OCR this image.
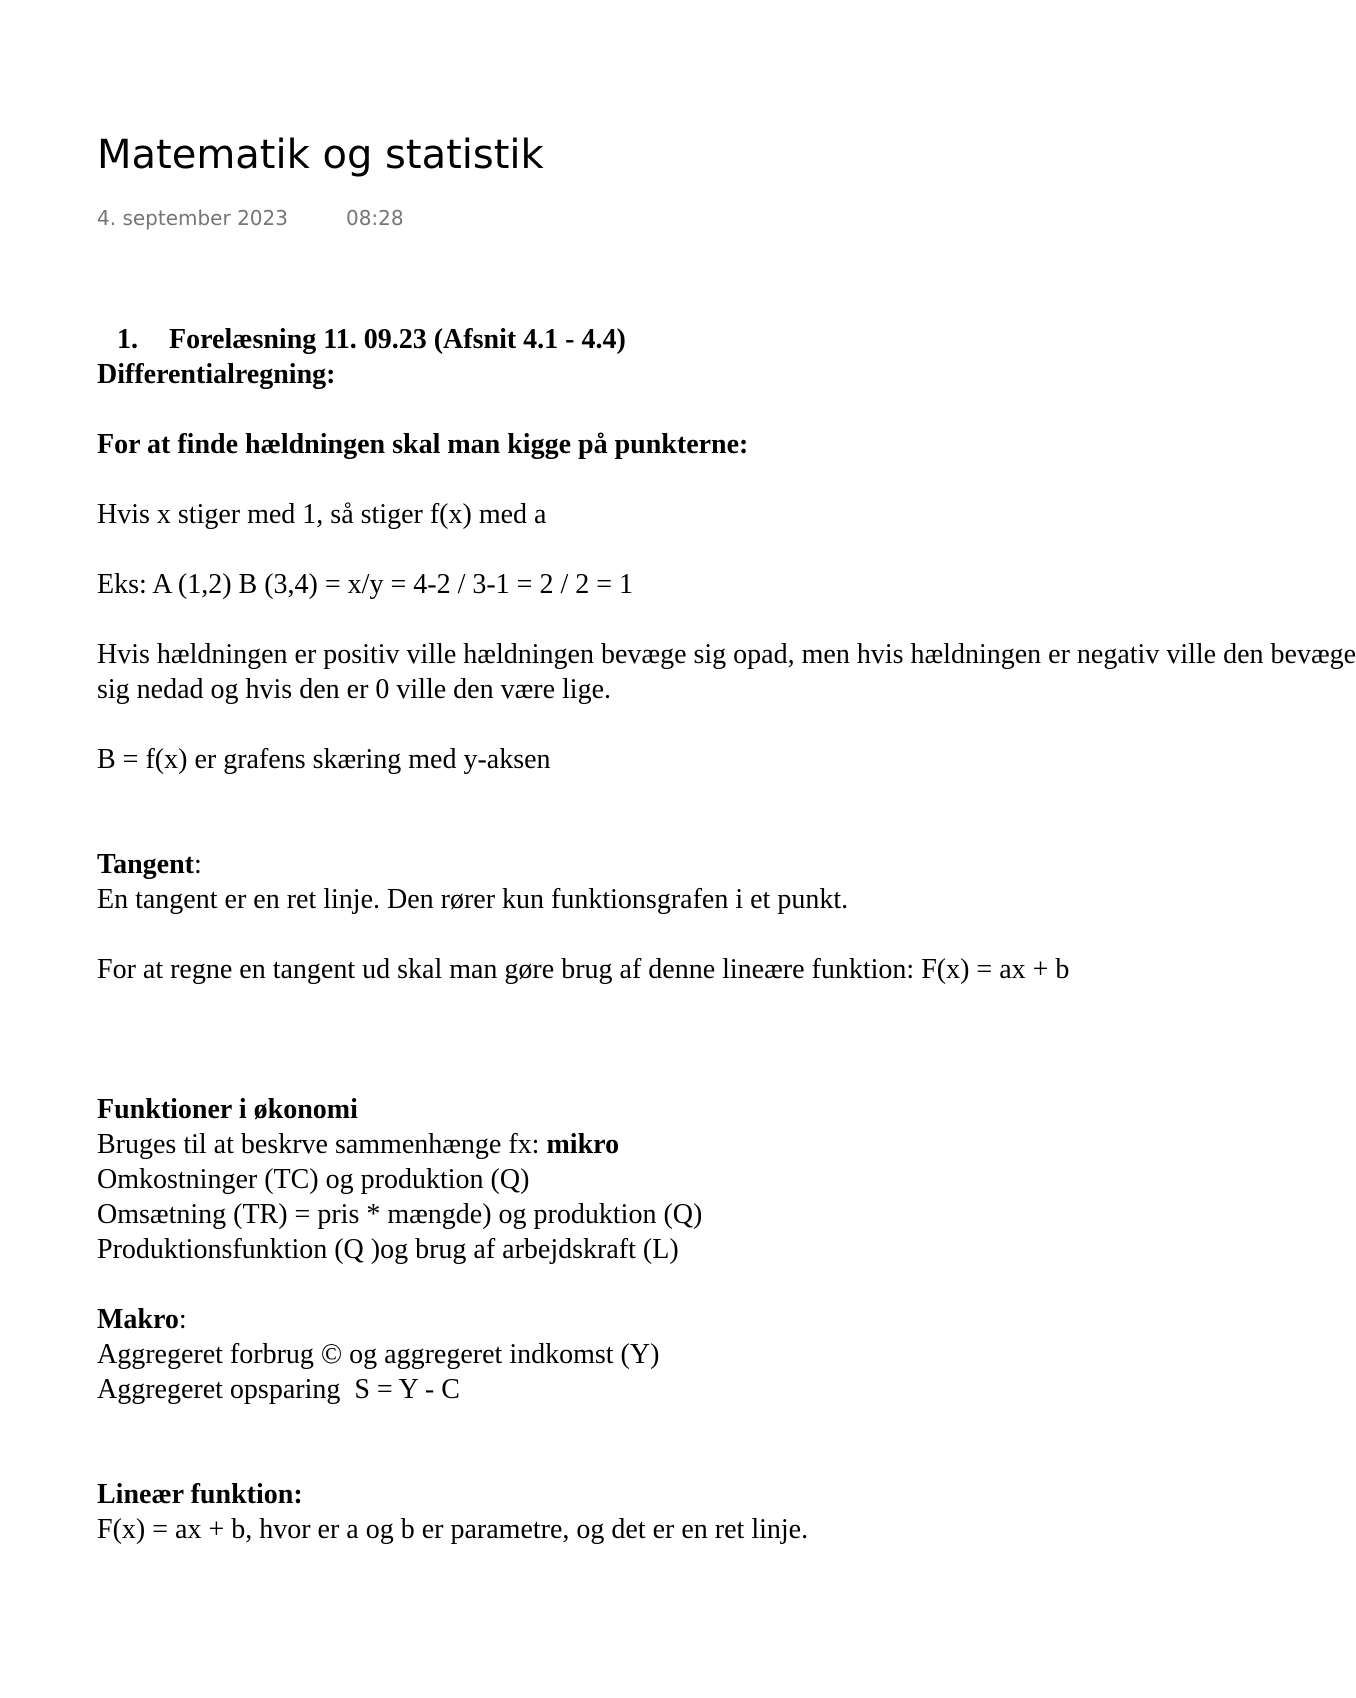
Matematik og statistik
4. september 2023	08:28

1. Forelæsning 11. 09.23 (Afsnit 4.1 - 4.4)

Differentialregning:

For at finde hældningen skal man kigge på punkterne:

Hvis x stiger med 1, så stiger f(x) med a

Eks: A (1,2) B (3,4) = x/y = 4-2 / 3-1 = 2 / 2 = 1

Hvis hældningen er positiv ville hældningen bevæge sig opad, men hvis hældningen er negativ ville den bevæge

sig nedad og hvis den er 0 ville den være lige.

B = f(x) er grafens skæring med y-aksen

Tangent:

En tangent er en ret linje. Den rører kun funktionsgrafen i et punkt.

For at regne en tangent ud skal man gøre brug af denne lineære funktion: F(x) = ax + b

Funktioner i økonomi

Bruges til at beskrve sammenhænge fx: mikro

Omkostninger (TC) og produktion (Q)

Omsætning (TR) = pris * mængde) og produktion (Q)

Produktionsfunktion (Q )og brug af arbejdskraft (L)

Makro:

Aggregeret forbrug © og aggregeret indkomst (Y)

Aggregeret opsparing  S = Y - C

Lineær funktion:

F(x) = ax + b, hvor er a og b er parametre, og det er en ret linje.
